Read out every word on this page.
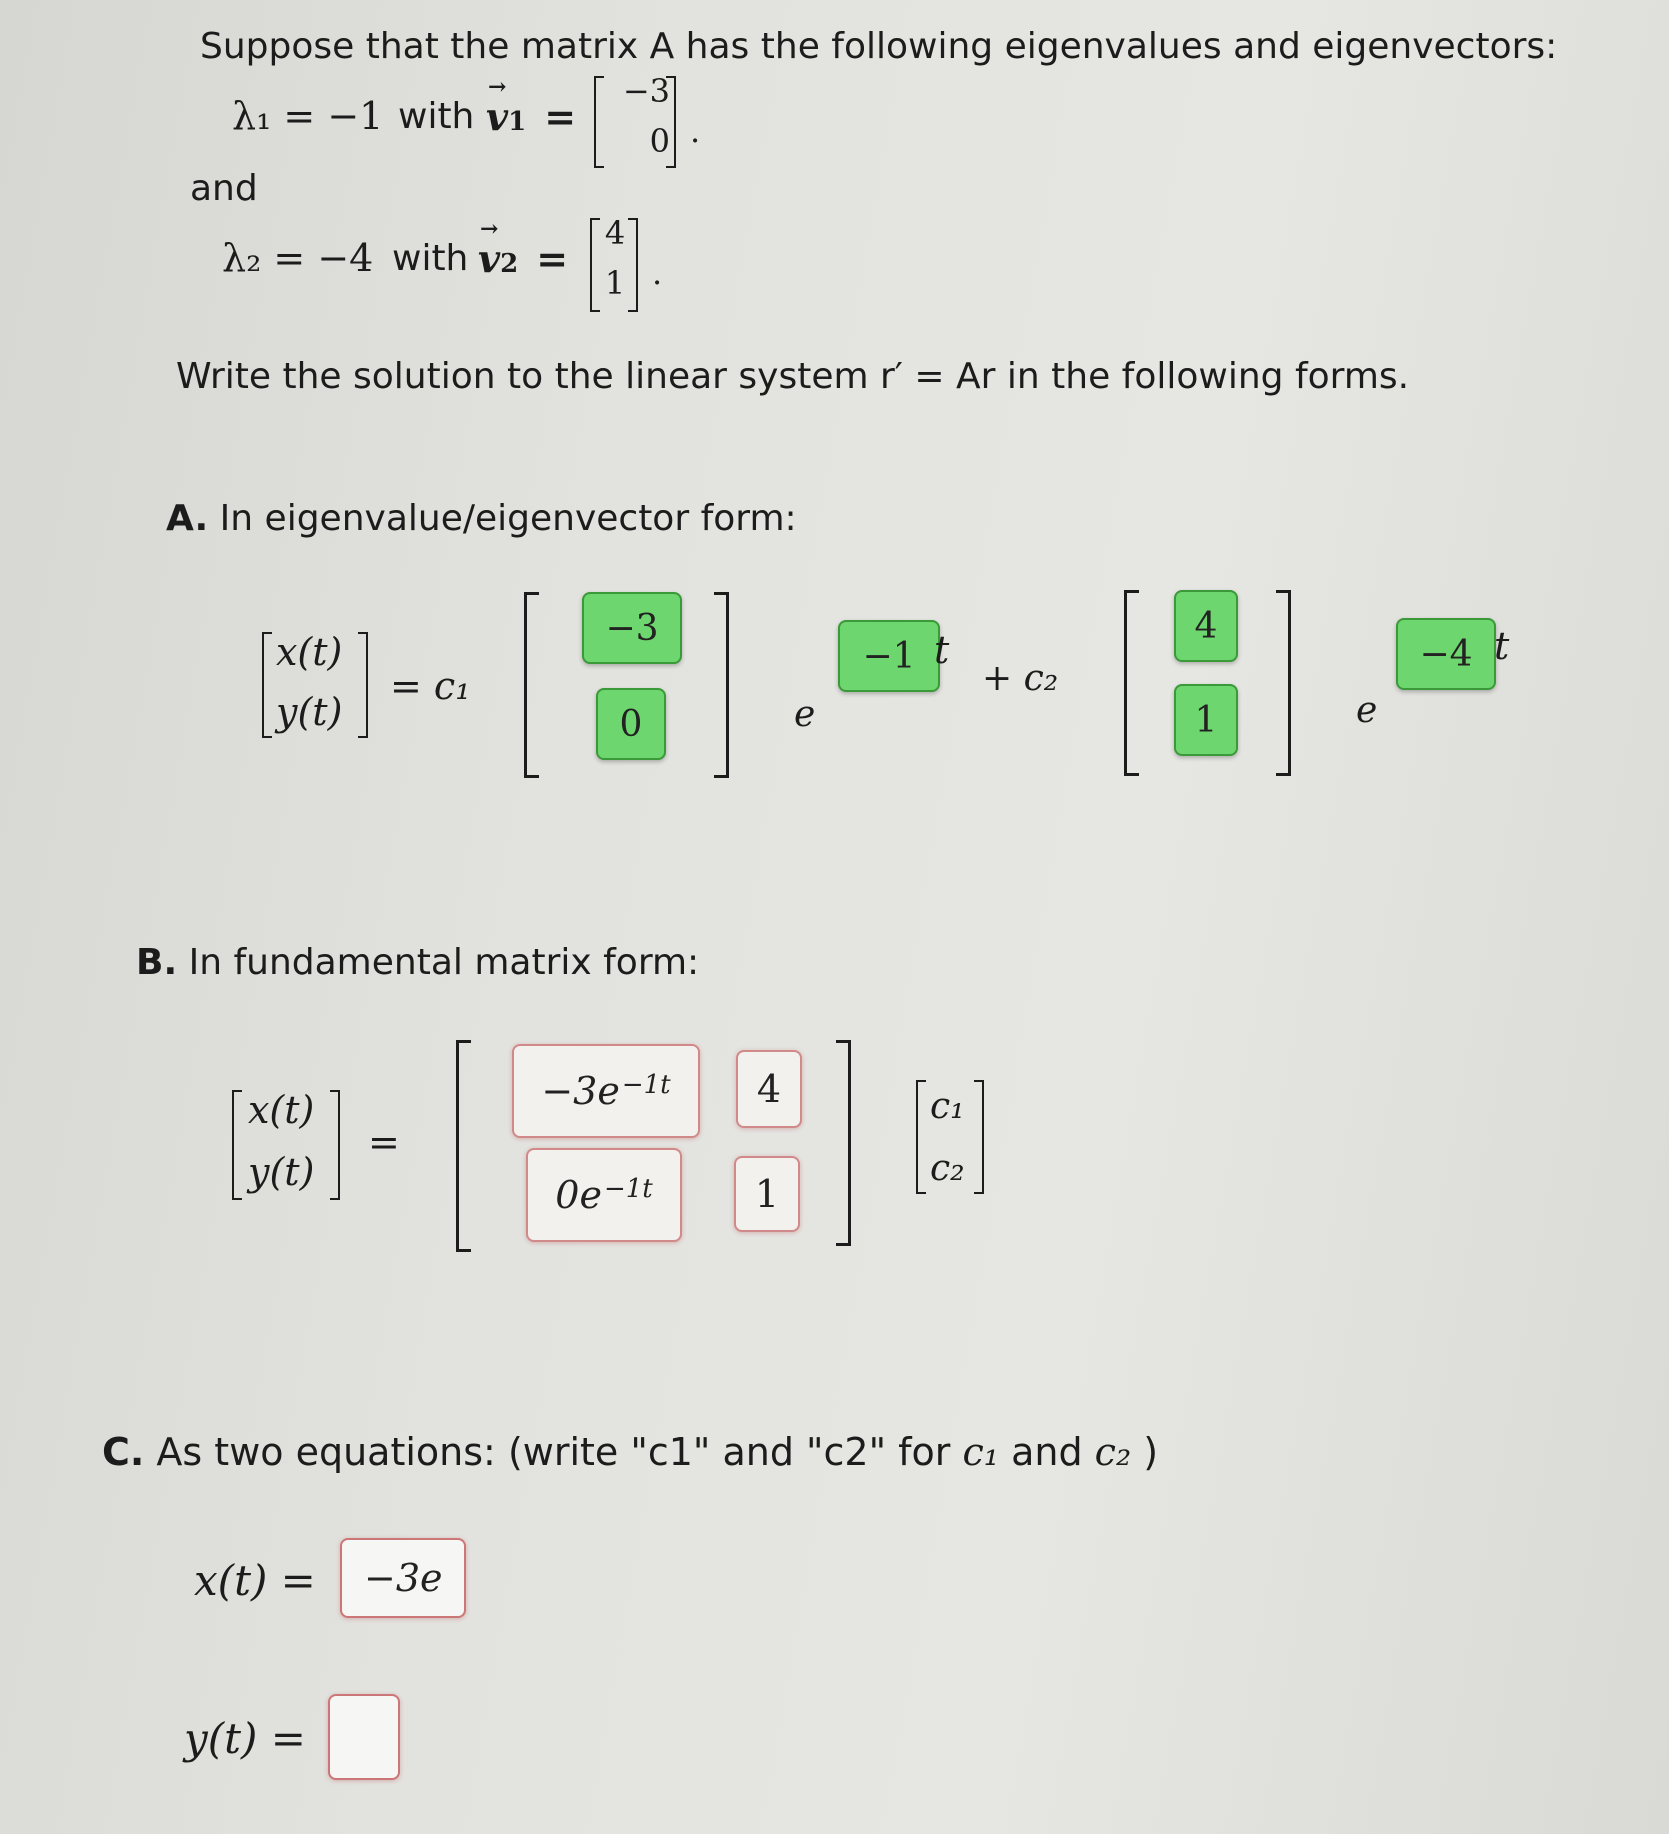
Suppose that the matrix A has the following eigenvalues and eigenvectors:
λ₁ = −1 with → v1 =
−3
0 .
and
λ₂ = −4 with → v2 =
4
1 .
Write the solution to the linear system r′ = Ar in the following forms.
A. In eigenvalue/eigenvector form:
x(t)
y(t)
= c₁
−3
0	e
−1 t
+ c₂
4
1	e
−4 t
B. In fundamental matrix form:
x(t)
y(t)
=
$-3e^{-1t}$	4
$0e^{-1t}$	1
c₁
c₂
C. As two equations: (write "c1" and "c2" for c₁ and c₂ )
x(t) =	−3e
y(t) =
